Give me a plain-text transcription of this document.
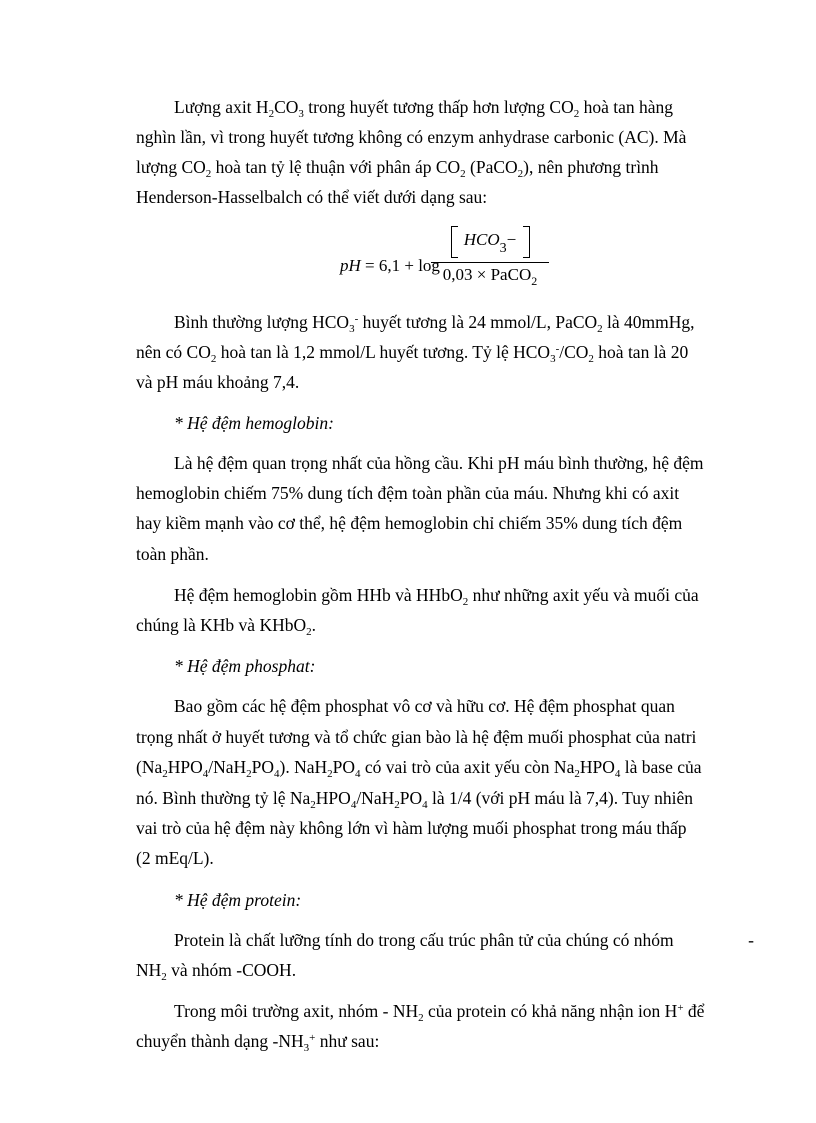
Lượng axit $H_2CO_3$ trong huyết tương thấp hơn lượng $CO_2$ hoà tan hàng
nghìn lần, vì trong huyết tương không có enzym anhydrase carbonic (AC). Mà
lượng $CO_2$ hoà tan tỷ lệ thuận với phân áp $CO_2$ (PaCO$_2$), nên phương trình
Henderson-Hasselbalch có thể viết dưới dạng sau:
pH = 6,1 + log
$HCO_3-$
0,03 × PaCO$_2$
Bình thường lượng $HCO_3^-$ huyết tương là 24 mmol/L, PaCO$_2$ là 40mmHg,
nên có $CO_2$ hoà tan là 1,2 mmol/L huyết tương. Tỷ lệ $HCO_3^-/CO_2$ hoà tan là 20
và pH máu khoảng 7,4.
* Hệ đệm hemoglobin:
Là hệ đệm quan trọng nhất của hồng cầu. Khi pH máu bình thường, hệ đệm
hemoglobin chiếm 75% dung tích đệm toàn phần của máu. Nhưng khi có axit
hay kiềm mạnh vào cơ thể, hệ đệm hemoglobin chỉ chiếm 35% dung tích đệm
toàn phần.
Hệ đệm hemoglobin gồm HHb và HHbO$_2$ như những axit yếu và muối của
chúng là KHb và KHbO$_2$.
* Hệ đệm phosphat:
Bao gồm các hệ đệm phosphat vô cơ và hữu cơ. Hệ đệm phosphat quan
trọng nhất ở huyết tương và tổ chức gian bào là hệ đệm muối phosphat của natri
$(Na_2HPO_4/NaH_2PO_4)$. $NaH_2PO_4$ có vai trò của axit yếu còn $Na_2HPO_4$ là base của
nó. Bình thường tỷ lệ $Na_2HPO_4/NaH_2PO_4$ là 1/4 (với pH máu là 7,4). Tuy nhiên
vai trò của hệ đệm này không lớn vì hàm lượng muối phosphat trong máu thấp
(2 mEq/L).
* Hệ đệm protein:
Protein là chất lưỡng tính do trong cấu trúc phân tử của chúng có nhóm	-
$NH_2$ và nhóm -COOH.
Trong môi trường axit, nhóm - $NH_2$ của protein có khả năng nhận ion H+ để
chuyển thành dạng $-NH_3^+$ như sau:
